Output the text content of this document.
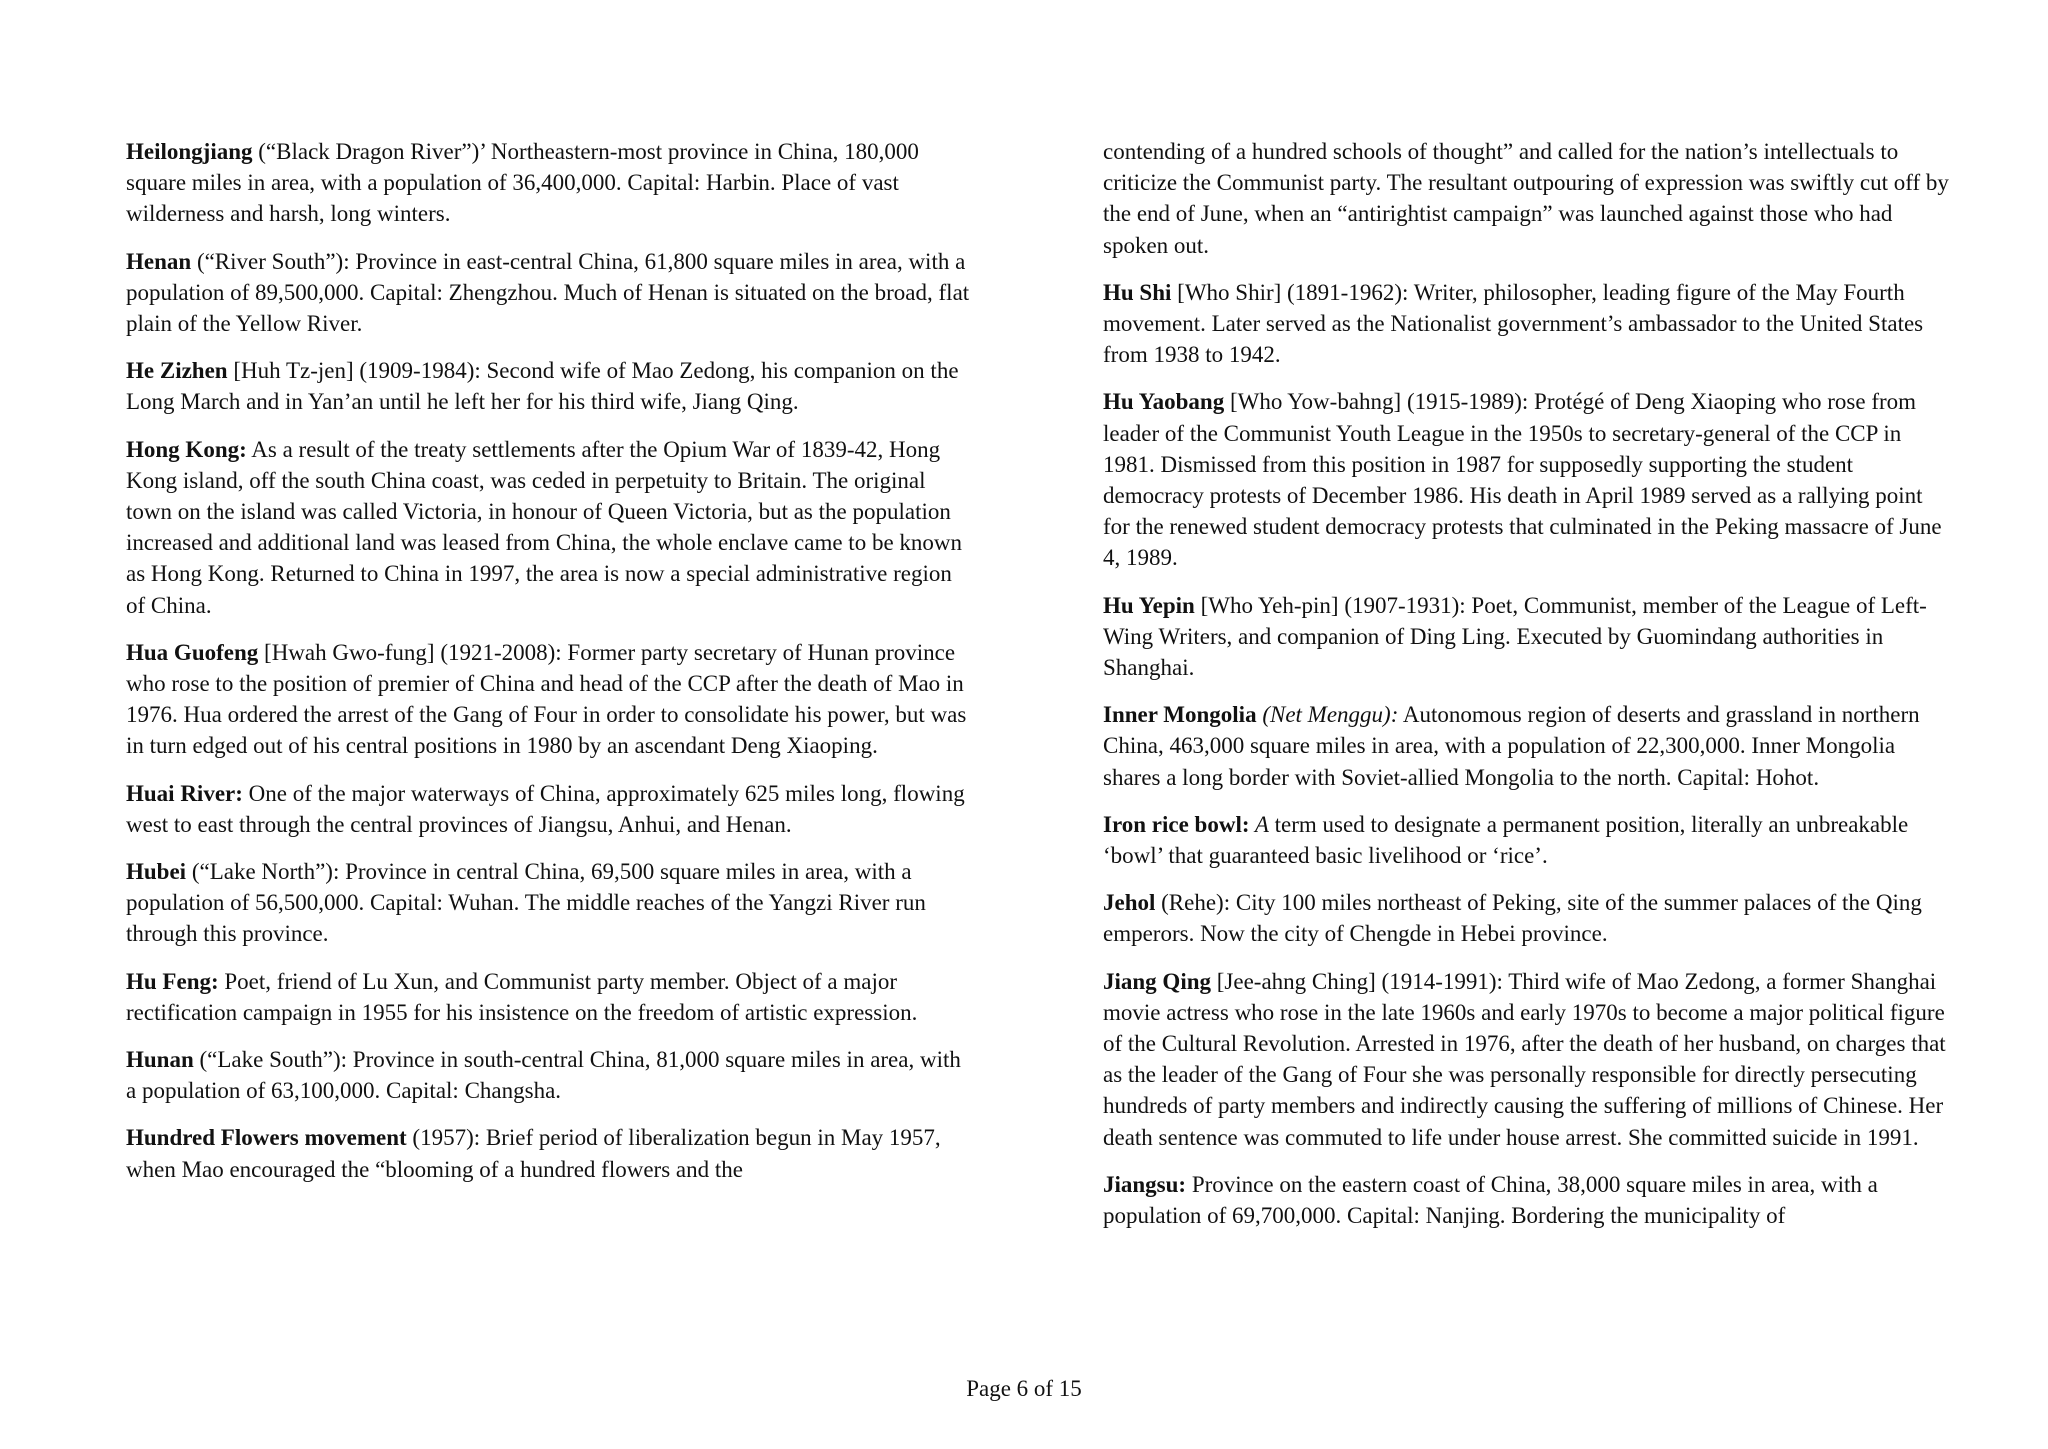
Heilongjiang (“Black Dragon River”)’ Northeastern-most province in China, 180,000 square miles in area, with a population of 36,400,000. Capital: Harbin. Place of vast wilderness and harsh, long winters.

Henan (“River South”): Province in east-central China, 61,800 square miles in area, with a population of 89,500,000. Capital: Zhengzhou. Much of Henan is situated on the broad, flat plain of the Yellow River.

He Zizhen [Huh Tz-jen] (1909-1984): Second wife of Mao Zedong, his companion on the Long March and in Yan’an until he left her for his third wife, Jiang Qing.

Hong Kong: As a result of the treaty settlements after the Opium War of 1839-42, Hong Kong island, off the south China coast, was ceded in perpetuity to Britain. The original town on the island was called Victoria, in honour of Queen Victoria, but as the population increased and additional land was leased from China, the whole enclave came to be known as Hong Kong. Returned to China in 1997, the area is now a special administrative region of China.

Hua Guofeng [Hwah Gwo-fung] (1921-2008): Former party secretary of Hunan province who rose to the position of premier of China and head of the CCP after the death of Mao in 1976. Hua ordered the arrest of the Gang of Four in order to consolidate his power, but was in turn edged out of his central positions in 1980 by an ascendant Deng Xiaoping.

Huai River: One of the major waterways of China, approximately 625 miles long, flowing west to east through the central provinces of Jiangsu, Anhui, and Henan.

Hubei (“Lake North”): Province in central China, 69,500 square miles in area, with a population of 56,500,000. Capital: Wuhan. The middle reaches of the Yangzi River run through this province.

Hu Feng: Poet, friend of Lu Xun, and Communist party member. Object of a major rectification campaign in 1955 for his insistence on the freedom of artistic expression.

Hunan (“Lake South”): Province in south-central China, 81,000 square miles in area, with a population of 63,100,000. Capital: Changsha.

Hundred Flowers movement (1957): Brief period of liberalization begun in May 1957, when Mao encouraged the “blooming of a hundred flowers and the

contending of a hundred schools of thought” and called for the nation’s intellectuals to criticize the Communist party. The resultant outpouring of expression was swiftly cut off by the end of June, when an “antirightist campaign” was launched against those who had spoken out.

Hu Shi [Who Shir] (1891-1962): Writer, philosopher, leading figure of the May Fourth movement. Later served as the Nationalist government’s ambassador to the United States from 1938 to 1942.

Hu Yaobang [Who Yow-bahng] (1915-1989): Protégé of Deng Xiaoping who rose from leader of the Communist Youth League in the 1950s to secretary-general of the CCP in 1981. Dismissed from this position in 1987 for supposedly supporting the student democracy protests of December 1986. His death in April 1989 served as a rallying point for the renewed student democracy protests that culminated in the Peking massacre of June 4, 1989.

Hu Yepin [Who Yeh-pin] (1907-1931): Poet, Communist, member of the League of Left-Wing Writers, and companion of Ding Ling. Executed by Guomindang authorities in Shanghai.

Inner Mongolia (Net Menggu): Autonomous region of deserts and grassland in northern China, 463,000 square miles in area, with a population of 22,300,000. Inner Mongolia shares a long border with Soviet-allied Mongolia to the north. Capital: Hohot.

Iron rice bowl: A term used to designate a permanent position, literally an unbreakable ‘bowl’ that guaranteed basic livelihood or ‘rice’.

Jehol (Rehe): City 100 miles northeast of Peking, site of the summer palaces of the Qing emperors. Now the city of Chengde in Hebei province.

Jiang Qing [Jee-ahng Ching] (1914-1991): Third wife of Mao Zedong, a former Shanghai movie actress who rose in the late 1960s and early 1970s to become a major political figure of the Cultural Revolution. Arrested in 1976, after the death of her husband, on charges that as the leader of the Gang of Four she was personally responsible for directly persecuting hundreds of party members and indirectly causing the suffering of millions of Chinese. Her death sentence was commuted to life under house arrest. She committed suicide in 1991.

Jiangsu: Province on the eastern coast of China, 38,000 square miles in area, with a population of 69,700,000. Capital: Nanjing. Bordering the municipality of

Page 6 of 15
